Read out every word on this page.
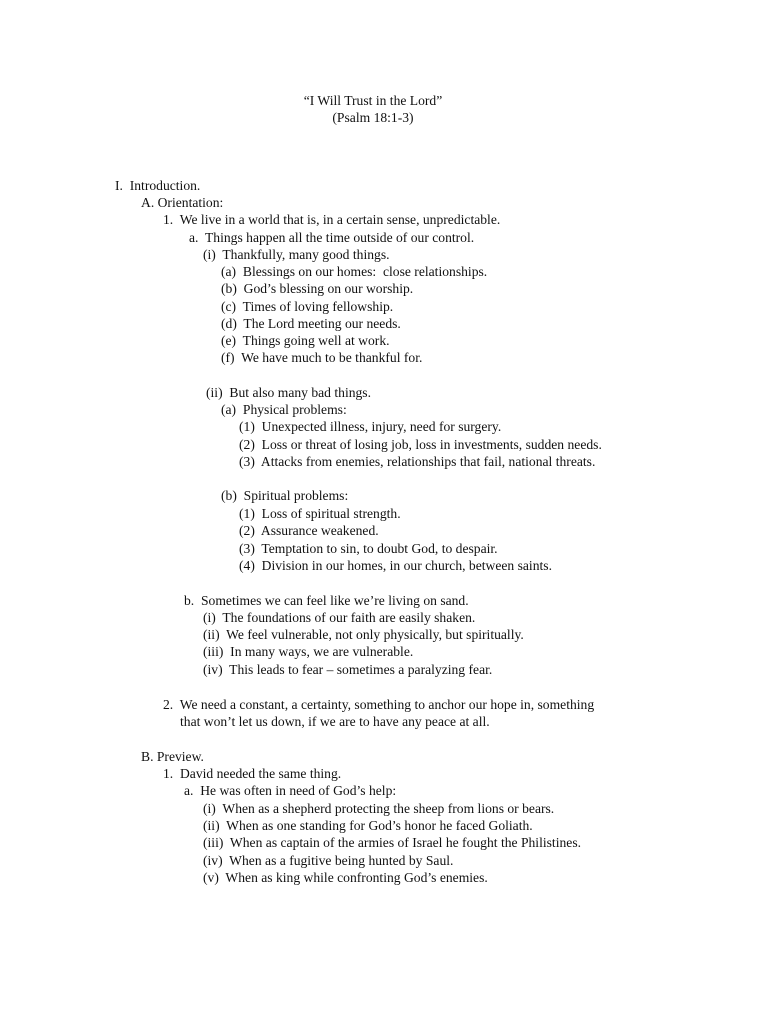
“I Will Trust in the Lord”
(Psalm 18:1-3)

I.  Introduction.

A. Orientation:

1.  We live in a world that is, in a certain sense, unpredictable.

a.  Things happen all the time outside of our control.

(i)  Thankfully, many good things.

(a)  Blessings on our homes:  close relationships.

(b)  God’s blessing on our worship.

(c)  Times of loving fellowship.

(d)  The Lord meeting our needs.

(e)  Things going well at work.

(f)  We have much to be thankful for.

(ii)  But also many bad things.

(a)  Physical problems:

(1)  Unexpected illness, injury, need for surgery.

(2)  Loss or threat of losing job, loss in investments, sudden needs.

(3)  Attacks from enemies, relationships that fail, national threats.

(b)  Spiritual problems:

(1)  Loss of spiritual strength.

(2)  Assurance weakened.

(3)  Temptation to sin, to doubt God, to despair.

(4)  Division in our homes, in our church, between saints.

b.  Sometimes we can feel like we’re living on sand.

(i)  The foundations of our faith are easily shaken.

(ii)  We feel vulnerable, not only physically, but spiritually.

(iii)  In many ways, we are vulnerable.

(iv)  This leads to fear – sometimes a paralyzing fear.

2.  We need a constant, a certainty, something to anchor our hope in, something

that won’t let us down, if we are to have any peace at all.

B. Preview.

1.  David needed the same thing.

a.  He was often in need of God’s help:

(i)  When as a shepherd protecting the sheep from lions or bears.

(ii)  When as one standing for God’s honor he faced Goliath.

(iii)  When as captain of the armies of Israel he fought the Philistines.

(iv)  When as a fugitive being hunted by Saul.

(v)  When as king while confronting God’s enemies.
